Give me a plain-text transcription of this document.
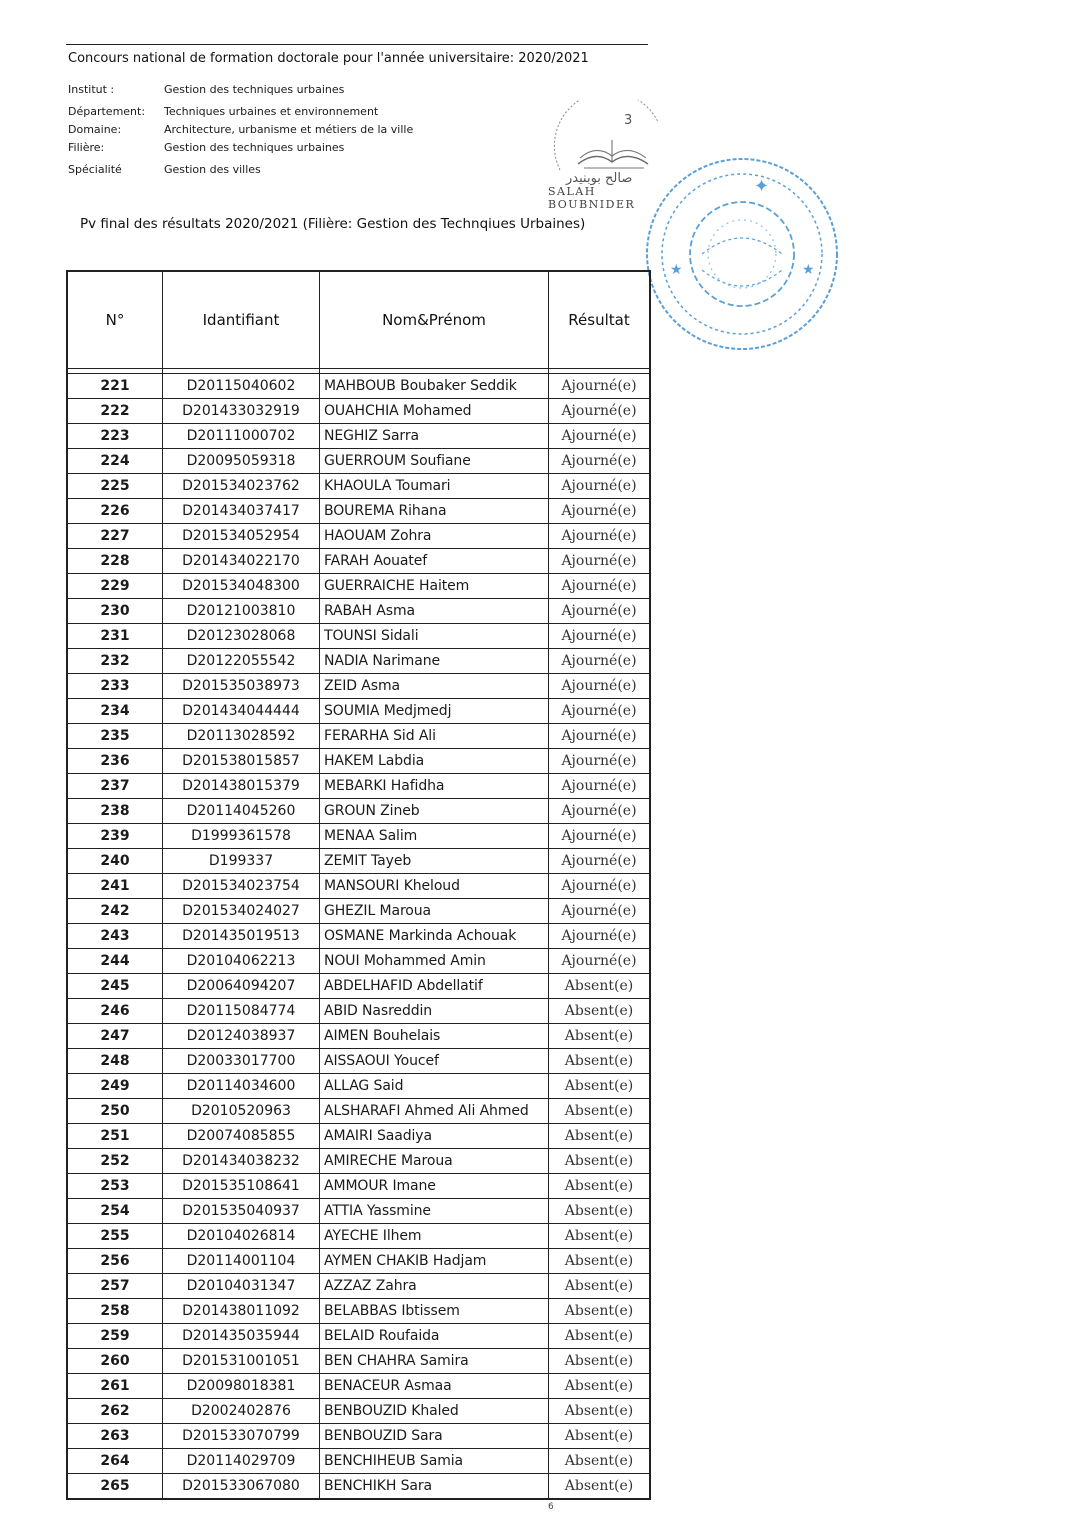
Concours national de formation doctorale pour l'année universitaire: 2020/2021
Institut :	Gestion des techniques urbaines
Département: Techniques urbaines et environnement
Domaine:	Architecture, urbanisme et métiers de la ville
Filière:	Gestion des techniques urbaines
Spécialité	Gestion des villes
3
صالح بوبنيدر
SALAH BOUBNIDER
★	★
✦
Pv final des résultats 2020/2021 (Filière: Gestion des Technqiues Urbaines)
N°	Idantifiant	Nom&Prénom	Résultat

221	D20115040602	MAHBOUB Boubaker Seddik	Ajourné(e)
222	D201433032919	OUAHCHIA Mohamed	Ajourné(e)
223	D20111000702	NEGHIZ Sarra	Ajourné(e)
224	D20095059318	GUERROUM Soufiane	Ajourné(e)
225	D201534023762	KHAOULA Toumari	Ajourné(e)
226	D201434037417	BOUREMA Rihana	Ajourné(e)
227	D201534052954	HAOUAM Zohra	Ajourné(e)
228	D201434022170	FARAH Aouatef	Ajourné(e)
229	D201534048300	GUERRAICHE Haitem	Ajourné(e)
230	D20121003810	RABAH Asma	Ajourné(e)
231	D20123028068	TOUNSI Sidali	Ajourné(e)
232	D20122055542	NADIA Narimane	Ajourné(e)
233	D201535038973	ZEID Asma	Ajourné(e)
234	D201434044444	SOUMIA Medjmedj	Ajourné(e)
235	D20113028592	FERARHA Sid Ali	Ajourné(e)
236	D201538015857	HAKEM Labdia	Ajourné(e)
237	D201438015379	MEBARKI Hafidha	Ajourné(e)
238	D20114045260	GROUN Zineb	Ajourné(e)
239	D1999361578	MENAA Salim	Ajourné(e)
240	D199337	ZEMIT Tayeb	Ajourné(e)
241	D201534023754	MANSOURI Kheloud	Ajourné(e)
242	D201534024027	GHEZIL Maroua	Ajourné(e)
243	D201435019513	OSMANE Markinda Achouak	Ajourné(e)
244	D20104062213	NOUI Mohammed Amin	Ajourné(e)
245	D20064094207	ABDELHAFID Abdellatif	Absent(e)
246	D20115084774	ABID Nasreddin	Absent(e)
247	D20124038937	AIMEN Bouhelais	Absent(e)
248	D20033017700	AISSAOUI Youcef	Absent(e)
249	D20114034600	ALLAG Said	Absent(e)
250	D2010520963	ALSHARAFI Ahmed Ali Ahmed	Absent(e)
251	D20074085855	AMAIRI Saadiya	Absent(e)
252	D201434038232	AMIRECHE Maroua	Absent(e)
253	D201535108641	AMMOUR Imane	Absent(e)
254	D201535040937	ATTIA Yassmine	Absent(e)
255	D20104026814	AYECHE Ilhem	Absent(e)
256	D20114001104	AYMEN CHAKIB Hadjam	Absent(e)
257	D20104031347	AZZAZ Zahra	Absent(e)
258	D201438011092	BELABBAS Ibtissem	Absent(e)
259	D201435035944	BELAID Roufaida	Absent(e)
260	D201531001051	BEN CHAHRA Samira	Absent(e)
261	D20098018381	BENACEUR Asmaa	Absent(e)
262	D2002402876	BENBOUZID Khaled	Absent(e)
263	D201533070799	BENBOUZID Sara	Absent(e)
264	D20114029709	BENCHIHEUB Samia	Absent(e)
265	D201533067080	BENCHIKH Sara	Absent(e)
6
